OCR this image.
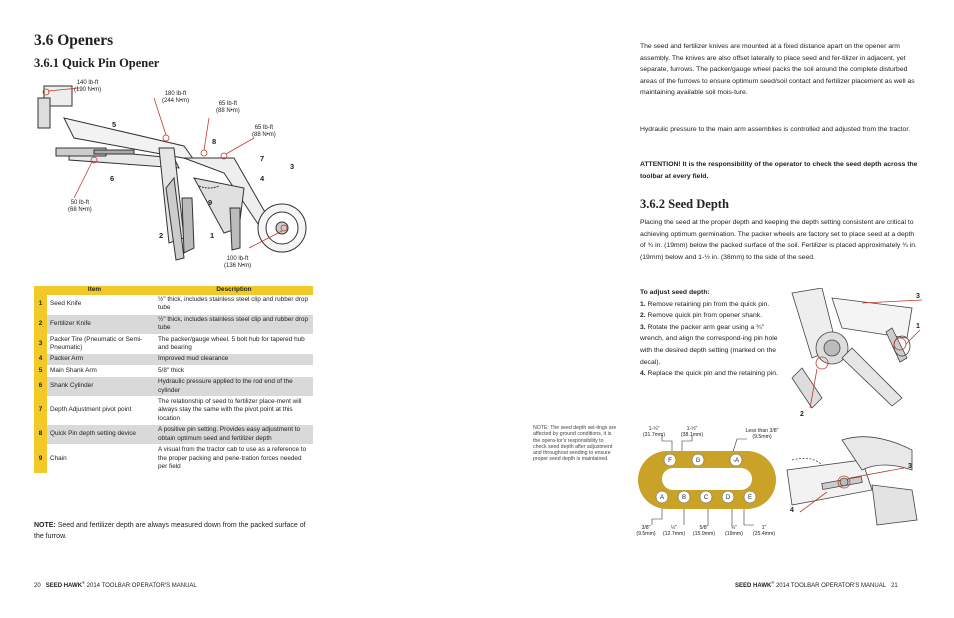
3.6 Openers
3.6.1 Quick Pin Opener
140 lb-ft
(190 N•m)
180 lb-ft
(244 N•m)	65 lb-ft
(88 N•m)
65 lb-ft
(88 N•m)
50 lb-ft
(68 N•m)
100 lb-ft
(136 N•m)
5
8
7
3
6	4
9
2	1
Item		Description
1	Seed Knife	½" thick, includes stainless steel clip and rubber drop tube
2	Fertilizer Knife	½" thick, includes stainless steel clip and rubber drop tube
3	Packer Tire (Pneumatic or Semi-Pneumatic)	The packer/gauge wheel. 5 bolt hub for tapered hub and bearing
4	Packer Arm	Improved mud clearance
5	Main Shank Arm	5/8" thick
6	Shank Cylinder	Hydraulic pressure applied to the rod end of the cylinder
7	Depth Adjustment pivot point	The relationship of seed to fertilizer place-ment will always stay the same with the pivot point at this location
8	Quick Pin depth setting device	A positive pin setting. Provides easy adjustment to obtain optimum seed and fertilizer depth
9	Chain	A visual from the tractor cab to use as a reference to the proper packing and pene-tration forces needed per field

NOTE: Seed and fertilizer depth are always measured down from the packed surface of the furrow.

20 SEED HAWK® 2014 TOOLBAR OPERATOR'S MANUAL

The seed and fertilizer knives are mounted at a fixed distance apart on the opener arm assembly. The knives are also offset laterally to place seed and fer-tilizer in adjacent, yet separate, furrows. The packer/gauge wheel packs the soil around the complete disturbed areas of the furrows to ensure optimum seed/soil contact and fertilizer placement as well as maintaining available soil mois-ture.

Hydraulic pressure to the main arm assemblies is controlled and adjusted from the tractor.

ATTENTION! It is the responsibility of the operator to check the seed depth across the toolbar at every field.

3.6.2 Seed Depth

Placing the seed at the proper depth and keeping the depth setting consistent are critical to achieving optimum germination. The packer wheels are factory set to place seed at a depth of ¾ in. (19mm) below the packed surface of the soil. Fertilizer is placed approximately ¾ in. (19mm) below and 1-½ in. (38mm) to the side of the seed.

To adjust seed depth:
1. Remove retaining pin from the quick pin.
2. Remove quick pin from opener shank.
3. Rotate the packer arm gear using a ¾" wrench, and align the correspond-ing pin hole with the desired depth setting (marked on the decal).
4. Replace the quick pin and the retaining pin.

NOTE: The seed depth set-tings are affected by ground conditions, it is the opera-tor's responsibility to check seed depth after adjustment and throughout seeding to ensure proper seed depth is maintained.	F	G	-A
A	B	C	D	E
1-¼"
(31.7mm)
1-½"
(38.1mm)
Less than 3/8"
(9.5mm)
3/8"
(9.5mm)
½"
(12.7mm)
5/8"
(15.9mm)
¾"
(19mm)
1"
(25.4mm)
3
1
2
3
4
SEED HAWK® 2014 TOOLBAR OPERATOR'S MANUAL 21
